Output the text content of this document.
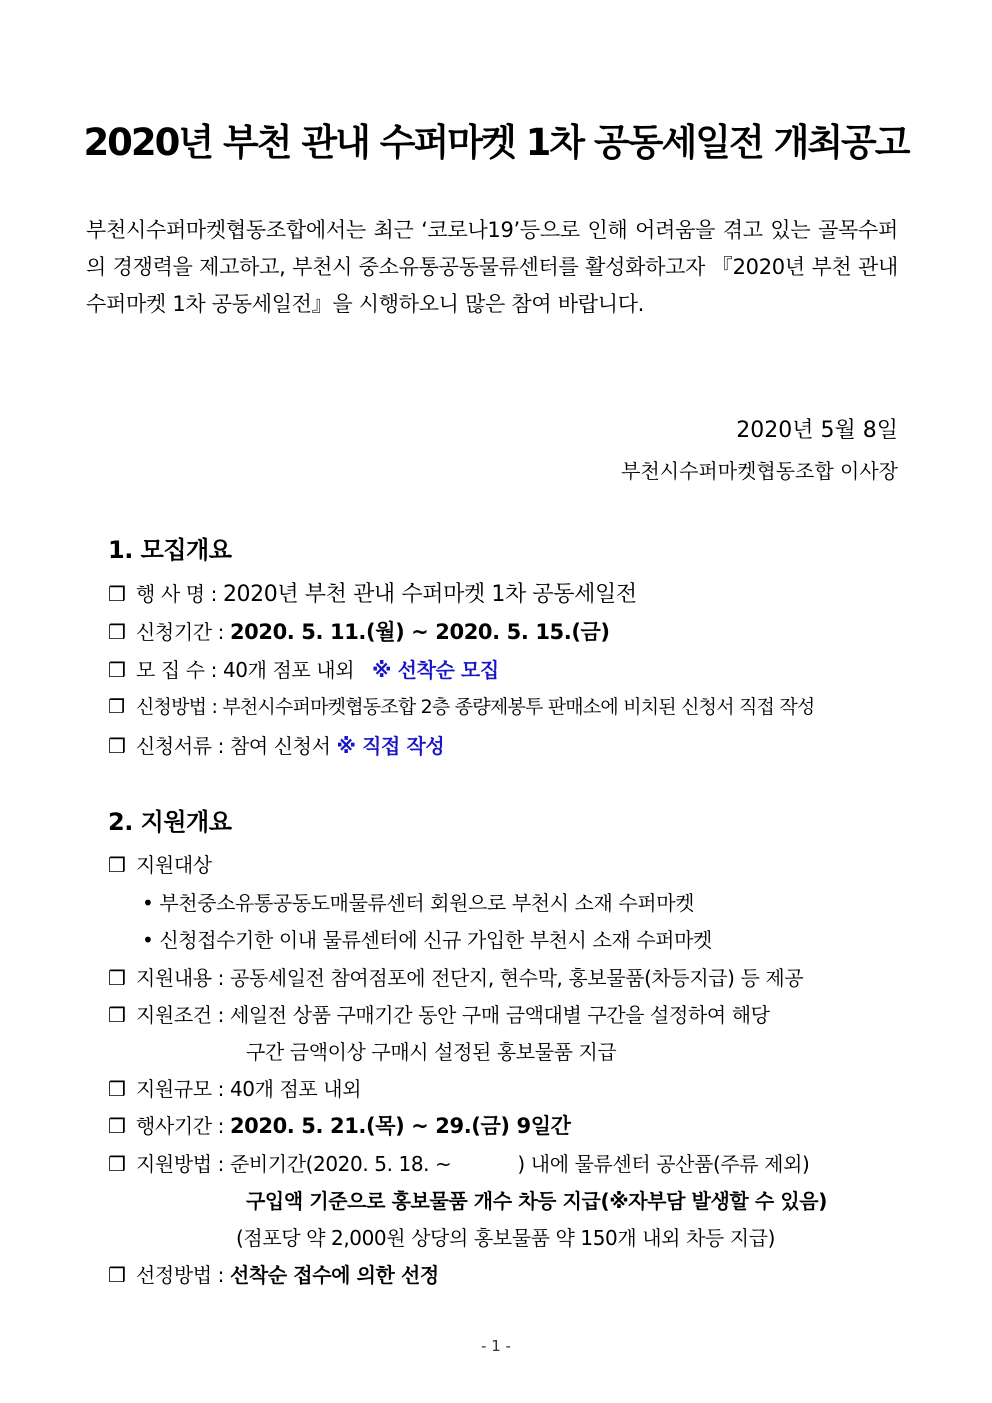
2020년 부천 관내 수퍼마켓 1차 공동세일전 개최공고
부천시수퍼마켓협동조합에서는 최근 ‘코로나19’등으로 인해 어려움을 겪고 있는 골목수퍼의 경쟁력을 제고하고, 부천시 중소유통공동물류센터를 활성화하고자 『2020년 부천 관내 수퍼마켓 1차 공동세일전』을 시행하오니 많은 참여 바랍니다.
2020년 5월 8일
부천시수퍼마켓협동조합 이사장
1. 모집개요
❒ 행 사 명 : 2020년 부천 관내 수퍼마켓 1차 공동세일전
❒ 신청기간 : 2020. 5. 11.(월) ~ 2020. 5. 15.(금)
❒ 모 집 수 : 40개 점포 내외 ※ 선착순 모집
❒ 신청방법 : 부천시수퍼마켓협동조합 2층 종량제봉투 판매소에 비치된 신청서 직접 작성
❒ 신청서류 : 참여 신청서 ※ 직접 작성
2. 지원개요
❒ 지원대상
• 부천중소유통공동도매물류센터 회원으로 부천시 소재 수퍼마켓
• 신청접수기한 이내 물류센터에 신규 가입한 부천시 소재 수퍼마켓
❒ 지원내용 : 공동세일전 참여점포에 전단지, 현수막, 홍보물품(차등지급) 등 제공
❒ 지원조건 : 세일전 상품 구매기간 동안 구매 금액대별 구간을 설정하여 해당
구간 금액이상 구매시 설정된 홍보물품 지급
❒ 지원규모 : 40개 점포 내외
❒ 행사기간 : 2020. 5. 21.(목) ~ 29.(금) 9일간
❒ 지원방법 : 준비기간(2020. 5. 18. ~	) 내에 물류센터 공산품(주류 제외)
구입액 기준으로 홍보물품 개수 차등 지급(※자부담 발생할 수 있음)
(점포당 약 2,000원 상당의 홍보물품 약 150개 내외 차등 지급)
❒ 선정방법 : 선착순 접수에 의한 선정
- 1 -
